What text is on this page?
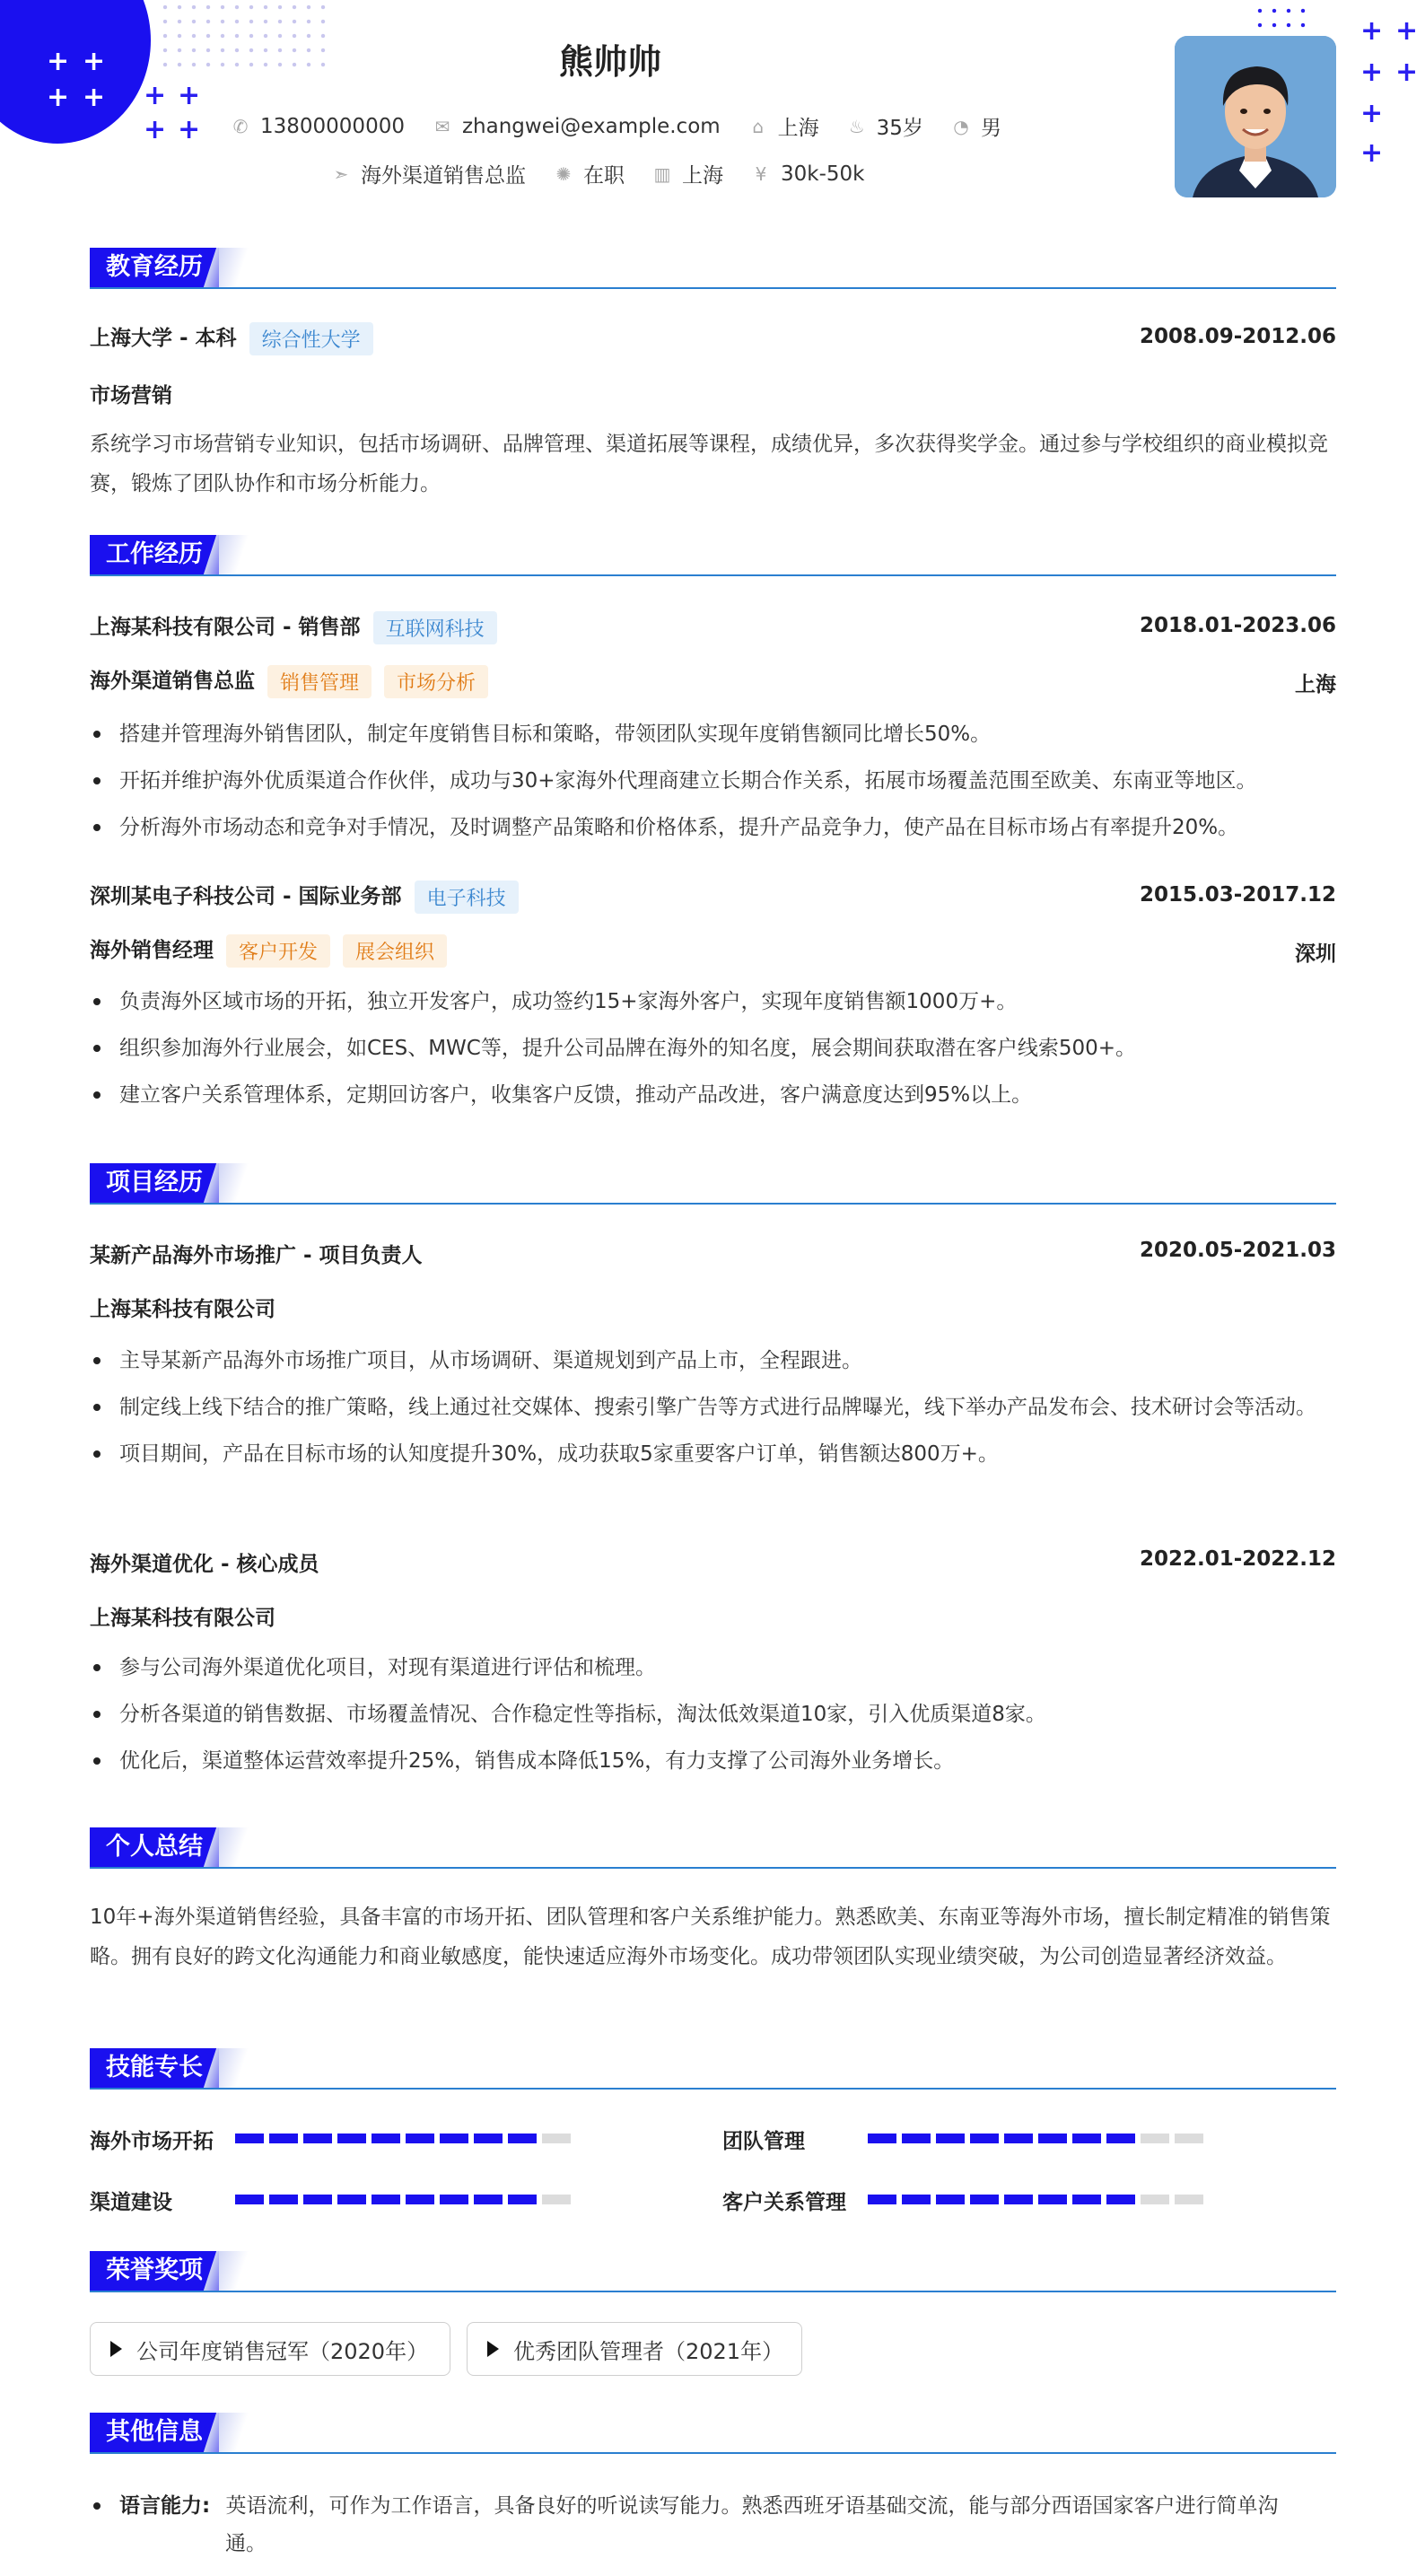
+ +
+ + + +
+ +
+ +
+ +
+
+
熊帅帅
✆ 13800000000 ✉ zhangwei@example.com ⌂ 上海 ♨ 35岁 ◔ 男
➣ 海外渠道销售总监 ✺ 在职 ▥ 上海 ¥ 30k-50k
教育经历
上海大学 - 本科 综合性大学	2008.09-2012.06
市场营销
系统学习市场营销专业知识，包括市场调研、品牌管理、渠道拓展等课程，成绩优异，多次获得奖学金。通过参与学校组织的商业模拟竞赛，锻炼了团队协作和市场分析能力。
工作经历
上海某科技有限公司 - 销售部 互联网科技	2018.01-2023.06
海外渠道销售总监 销售管理 市场分析	上海
搭建并管理海外销售团队，制定年度销售目标和策略，带领团队实现年度销售额同比增长50%。
开拓并维护海外优质渠道合作伙伴，成功与30+家海外代理商建立长期合作关系，拓展市场覆盖范围至欧美、东南亚等地区。
分析海外市场动态和竞争对手情况，及时调整产品策略和价格体系，提升产品竞争力，使产品在目标市场占有率提升20%。
深圳某电子科技公司 - 国际业务部 电子科技	2015.03-2017.12
海外销售经理 客户开发 展会组织	深圳
负责海外区域市场的开拓，独立开发客户，成功签约15+家海外客户，实现年度销售额1000万+。
组织参加海外行业展会，如CES、MWC等，提升公司品牌在海外的知名度，展会期间获取潜在客户线索500+。
建立客户关系管理体系，定期回访客户，收集客户反馈，推动产品改进，客户满意度达到95%以上。
项目经历
某新产品海外市场推广 - 项目负责人	2020.05-2021.03
上海某科技有限公司
主导某新产品海外市场推广项目，从市场调研、渠道规划到产品上市，全程跟进。
制定线上线下结合的推广策略，线上通过社交媒体、搜索引擎广告等方式进行品牌曝光，线下举办产品发布会、技术研讨会等活动。
项目期间，产品在目标市场的认知度提升30%，成功获取5家重要客户订单，销售额达800万+。
海外渠道优化 - 核心成员	2022.01-2022.12
上海某科技有限公司
参与公司海外渠道优化项目，对现有渠道进行评估和梳理。
分析各渠道的销售数据、市场覆盖情况、合作稳定性等指标，淘汰低效渠道10家，引入优质渠道8家。
优化后，渠道整体运营效率提升25%，销售成本降低15%，有力支撑了公司海外业务增长。
个人总结
10年+海外渠道销售经验，具备丰富的市场开拓、团队管理和客户关系维护能力。熟悉欧美、东南亚等海外市场，擅长制定精准的销售策略。拥有良好的跨文化沟通能力和商业敏感度，能快速适应海外市场变化。成功带领团队实现业绩突破，为公司创造显著经济效益。
技能专长
海外市场开拓	团队管理
渠道建设	客户关系管理
荣誉奖项
公司年度销售冠军（2020年）	优秀团队管理者（2021年）
其他信息
语言能力: 英语流利，可作为工作语言，具备良好的听说读写能力。熟悉西班牙语基础交流，能与部分西语国家客户进行简单沟
通。
